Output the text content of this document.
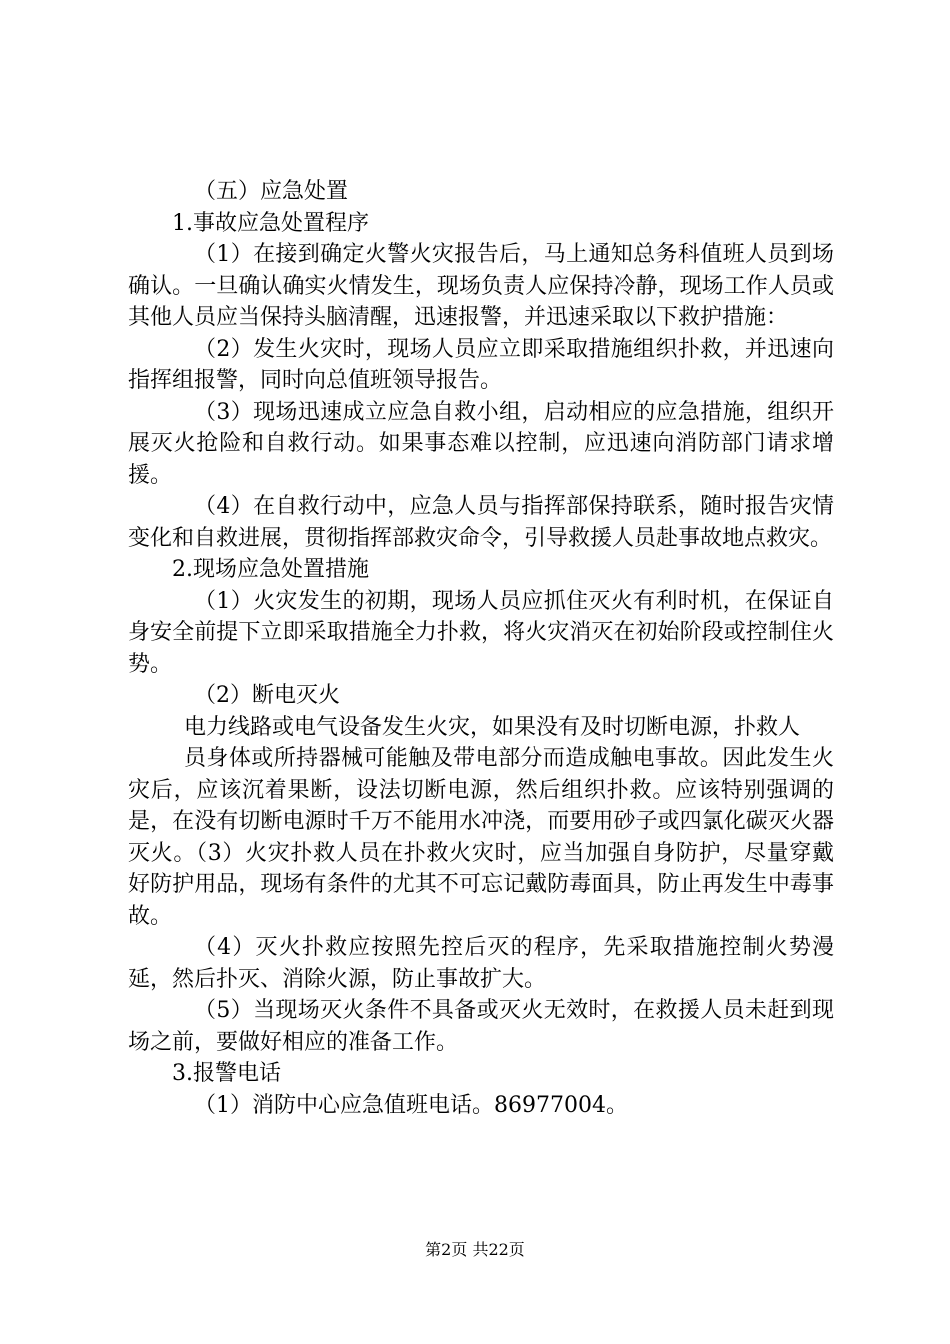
（五）应急处置

1.事故应急处置程序

（1）在接到确定火警火灾报告后，马上通知总务科值班人员到场确认。一旦确认确实火情发生，现场负责人应保持冷静，现场工作人员或其他人员应当保持头脑清醒，迅速报警，并迅速采取以下救护措施：

（2）发生火灾时，现场人员应立即采取措施组织扑救，并迅速向指挥组报警，同时向总值班领导报告。

（3）现场迅速成立应急自救小组，启动相应的应急措施，组织开展灭火抢险和自救行动。如果事态难以控制，应迅速向消防部门请求增援。

（4）在自救行动中，应急人员与指挥部保持联系，随时报告灾情变化和自救进展，贯彻指挥部救灾命令，引导救援人员赴事故地点救灾。

2.现场应急处置措施

（1）火灾发生的初期，现场人员应抓住灭火有利时机，在保证自身安全前提下立即采取措施全力扑救，将火灾消灭在初始阶段或控制住火势。

（2）断电灭火

电力线路或电气设备发生火灾，如果没有及时切断电源，扑救人

员身体或所持器械可能触及带电部分而造成触电事故。因此发生火灾后，应该沉着果断，设法切断电源，然后组织扑救。应该特别强调的是，在没有切断电源时千万不能用水冲浇，而要用砂子或四氯化碳灭火器灭火。（3）火灾扑救人员在扑救火灾时，应当加强自身防护，尽量穿戴好防护用品，现场有条件的尤其不可忘记戴防毒面具，防止再发生中毒事故。

（4）灭火扑救应按照先控后灭的程序，先采取措施控制火势漫延，然后扑灭、消除火源，防止事故扩大。

（5）当现场灭火条件不具备或灭火无效时，在救援人员未赶到现场之前，要做好相应的准备工作。

3.报警电话

（1）消防中心应急值班电话。86977004。

第2页 共22页
